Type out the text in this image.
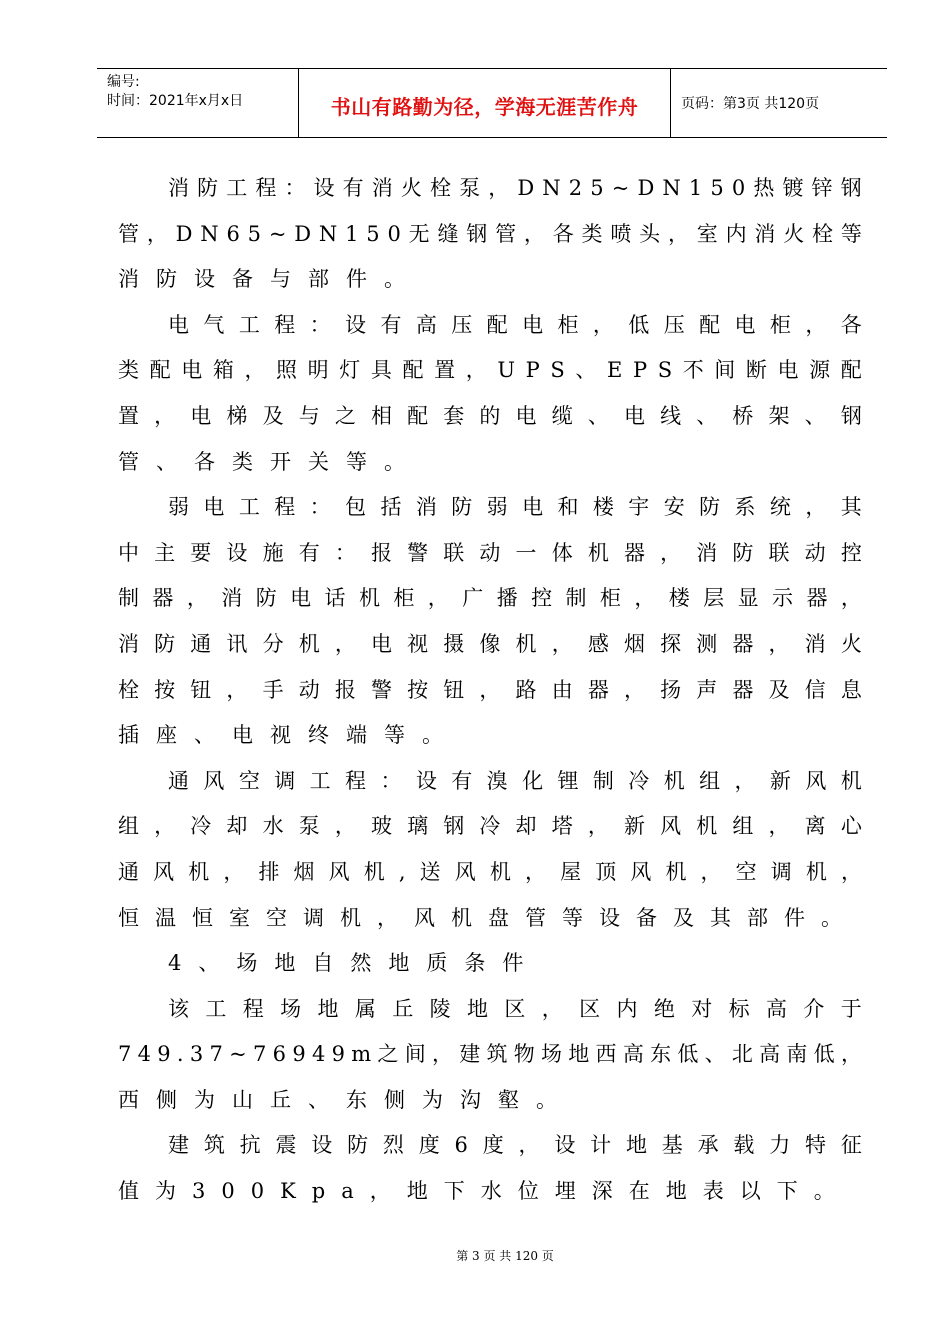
编号:
时间：2021年x月x日	书山有路勤为径，学海无涯苦作舟	页码：第3页 共120页
消 防 工 程 ： 设 有 消 火 栓 泵 ， D N 2 5 ~ D N 1 5 0 热 镀 锌 钢
管 ， D N 6 5 ~ D N 1 5 0 无 缝 钢 管 ， 各 类 喷 头 ， 室 内 消 火 栓 等
消防设备与部件。
电 气 工 程 ： 设 有 高 压 配 电 柜 ， 低 压 配 电 柜 ， 各
类 配 电 箱 ， 照 明 灯 具 配 置 ， U P S 、 E P S 不 间 断 电 源 配
置 ， 电 梯 及 与 之 相 配 套 的 电 缆 、 电 线 、 桥 架 、 钢
管、各类开关等。
弱 电 工 程 ： 包 括 消 防 弱 电 和 楼 宇 安 防 系 统 ， 其
中 主 要 设 施 有 ： 报 警 联 动 一 体 机 器 ， 消 防 联 动 控
制 器 ， 消 防 电 话 机 柜 ， 广 播 控 制 柜 ， 楼 层 显 示 器 ，
消 防 通 讯 分 机 ， 电 视 摄 像 机 ， 感 烟 探 测 器 ， 消 火
栓 按 钮 ， 手 动 报 警 按 钮 ， 路 由 器 ， 扬 声 器 及 信 息
插座、电视终端等。
通 风 空 调 工 程 ： 设 有 溴 化 锂 制 冷 机 组 ， 新 风 机
组 ， 冷 却 水 泵 ， 玻 璃 钢 冷 却 塔 ， 新 风 机 组 ， 离 心
通 风 机 ， 排 烟 风 机 , 送 风 机 ， 屋 顶 风 机 ， 空 调 机 ，
恒温恒室空调机，风机盘管等设备及其部件。
4、场地自然地质条件
该 工 程 场 地 属 丘 陵 地 区 ， 区 内 绝 对 标 高 介 于
7 4 9 . 3 7 ~ 7 6 9 4 9 m 之 间 ， 建 筑 物 场 地 西 高 东 低 、 北 高 南 低 ，
西侧为山丘、东侧为沟壑。
建 筑 抗 震 设 防 烈 度 6 度 ， 设 计 地 基 承 载 力 特 征
值为300Kpa，地下水位埋深在地表以下。
第 3 页 共 120 页
